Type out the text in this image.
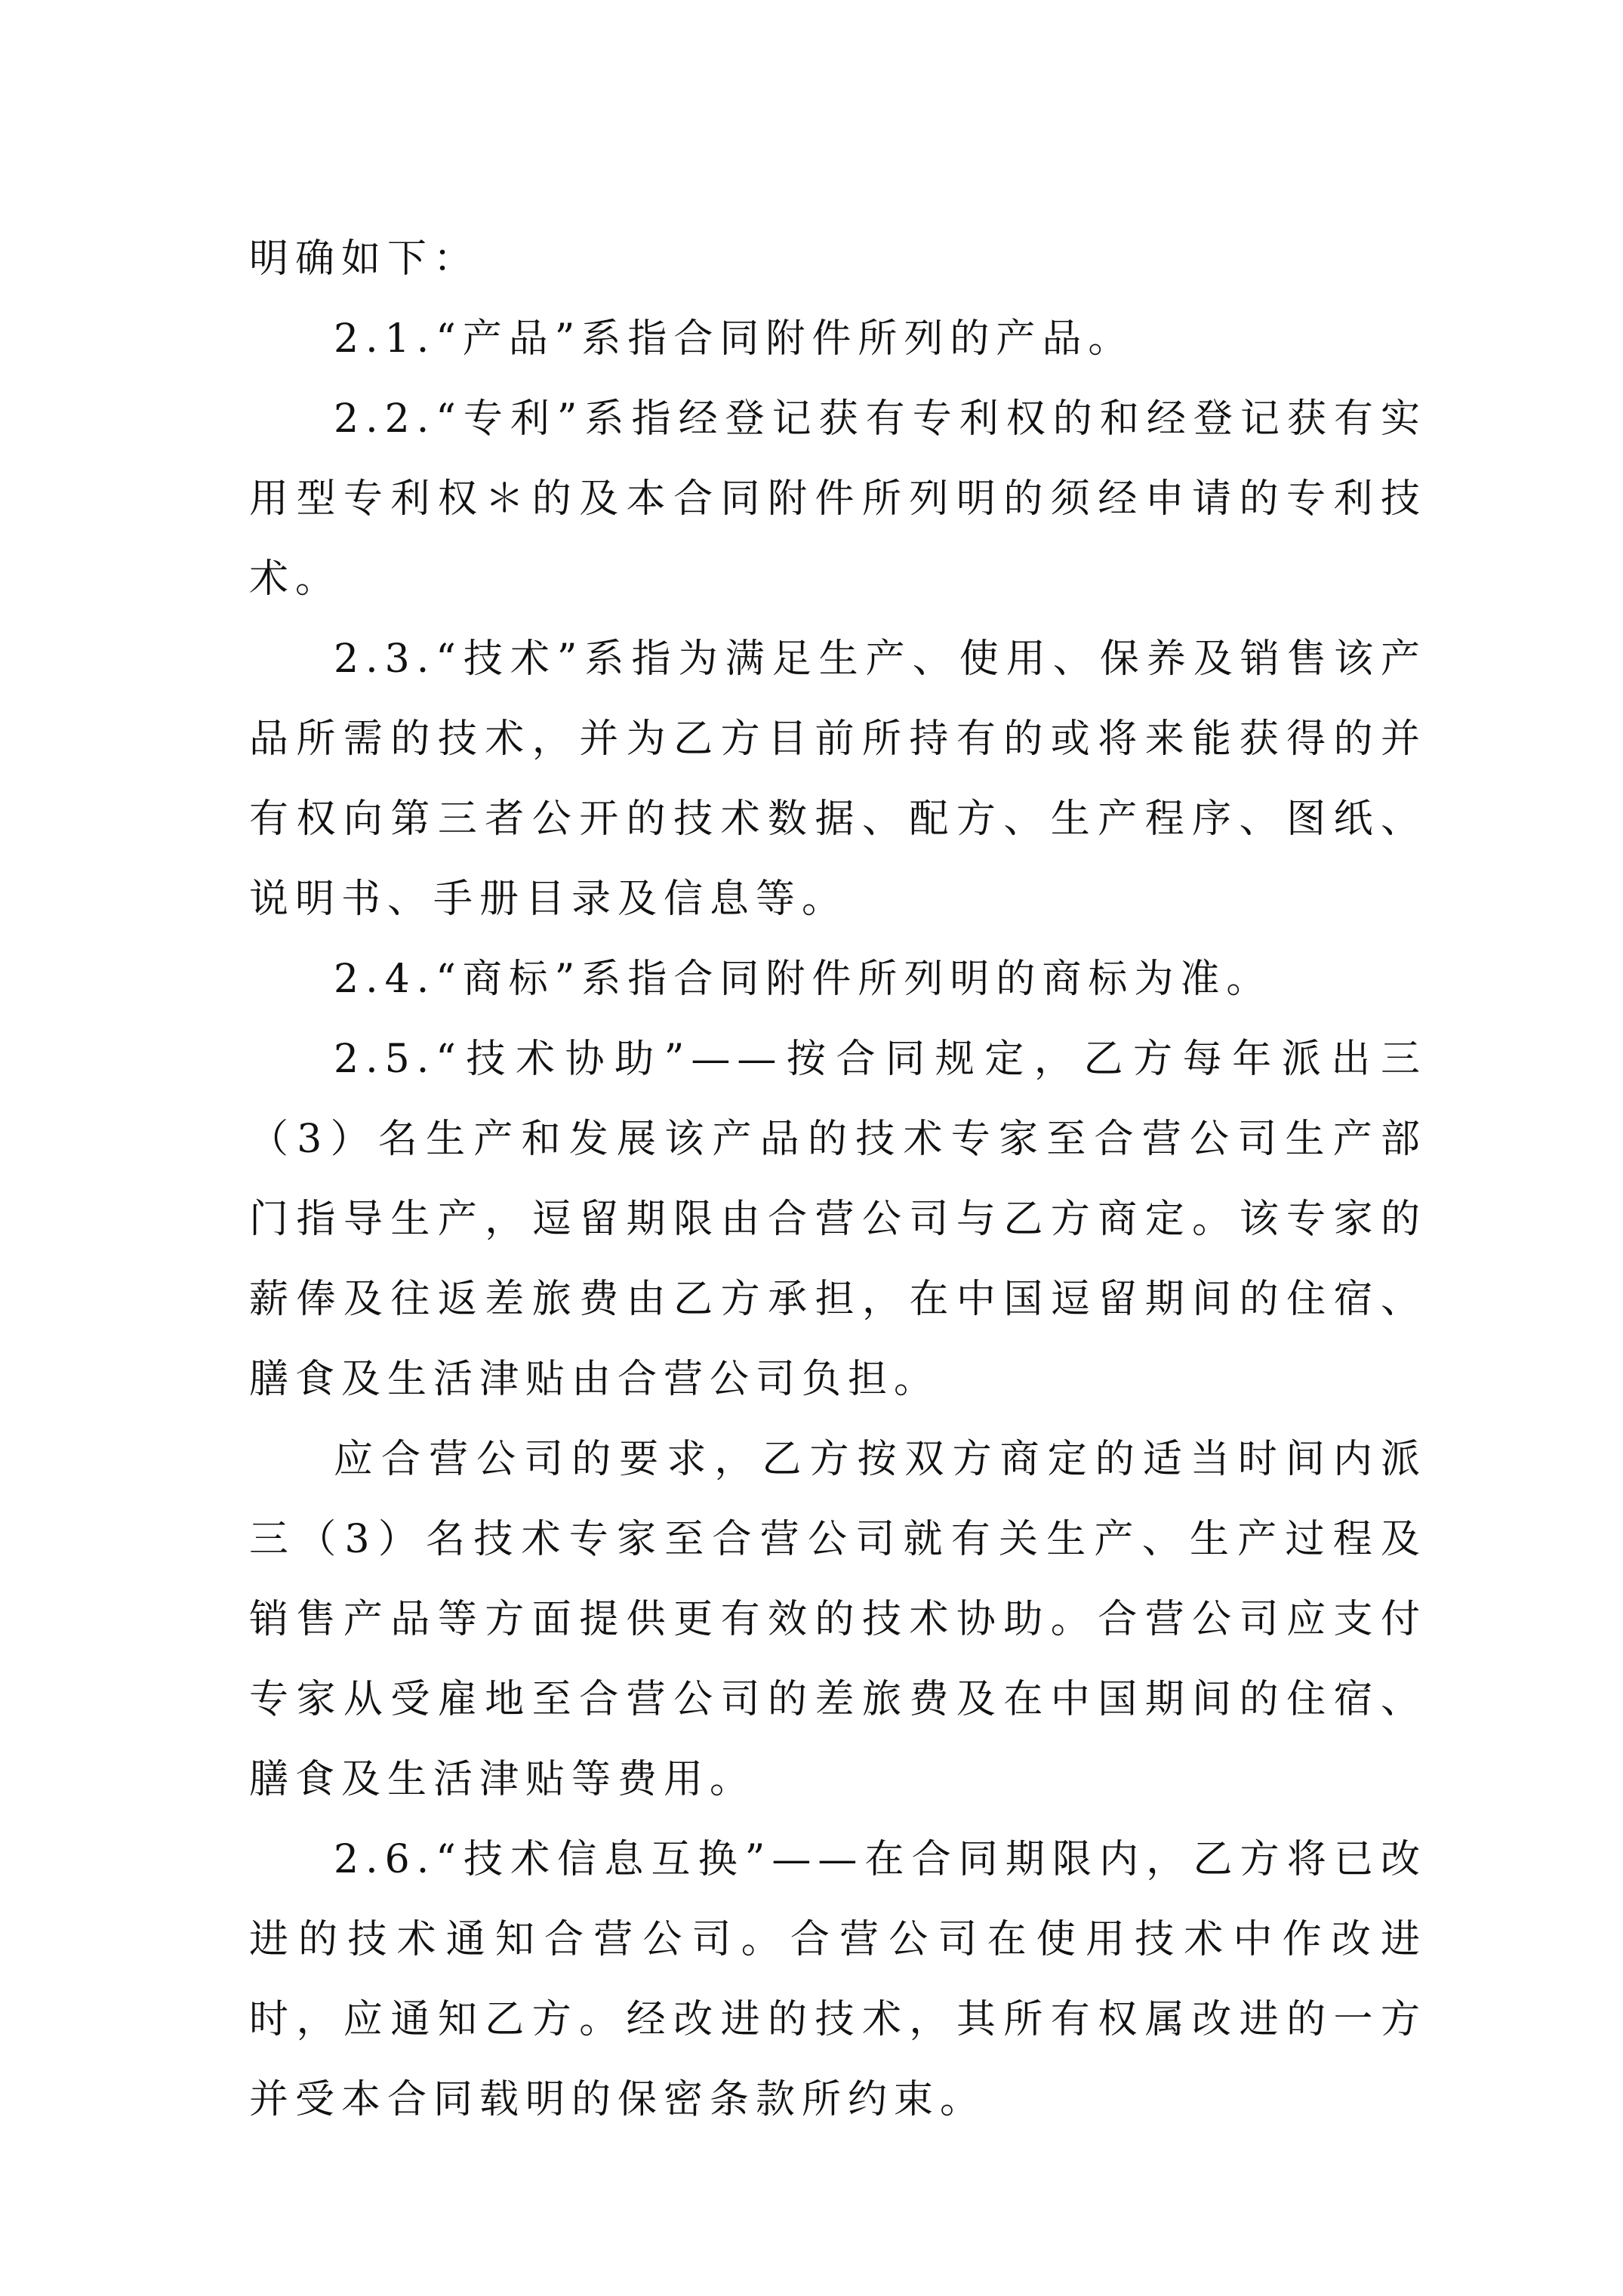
明确如下：

2.1.“产品”系指合同附件所列的产品。

2.2.“专利”系指经登记获有专利权的和经登记获有实用型专利权＊的及本合同附件所列明的须经申请的专利技术。

2.3.“技术”系指为满足生产、使用、保养及销售该产品所需的技术，并为乙方目前所持有的或将来能获得的并有权向第三者公开的技术数据、配方、生产程序、图纸、说明书、手册目录及信息等。

2.4.“商标”系指合同附件所列明的商标为准。

2.5.“技术协助”——按合同规定，乙方每年派出三（3）名生产和发展该产品的技术专家至合营公司生产部门指导生产，逗留期限由合营公司与乙方商定。该专家的薪俸及往返差旅费由乙方承担，在中国逗留期间的住宿、膳食及生活津贴由合营公司负担。

应合营公司的要求，乙方按双方商定的适当时间内派三（3）名技术专家至合营公司就有关生产、生产过程及销售产品等方面提供更有效的技术协助。合营公司应支付专家从受雇地至合营公司的差旅费及在中国期间的住宿、膳食及生活津贴等费用。

2.6.“技术信息互换”——在合同期限内，乙方将已改进的技术通知合营公司。合营公司在使用技术中作改进时，应通知乙方。经改进的技术，其所有权属改进的一方并受本合同载明的保密条款所约束。
